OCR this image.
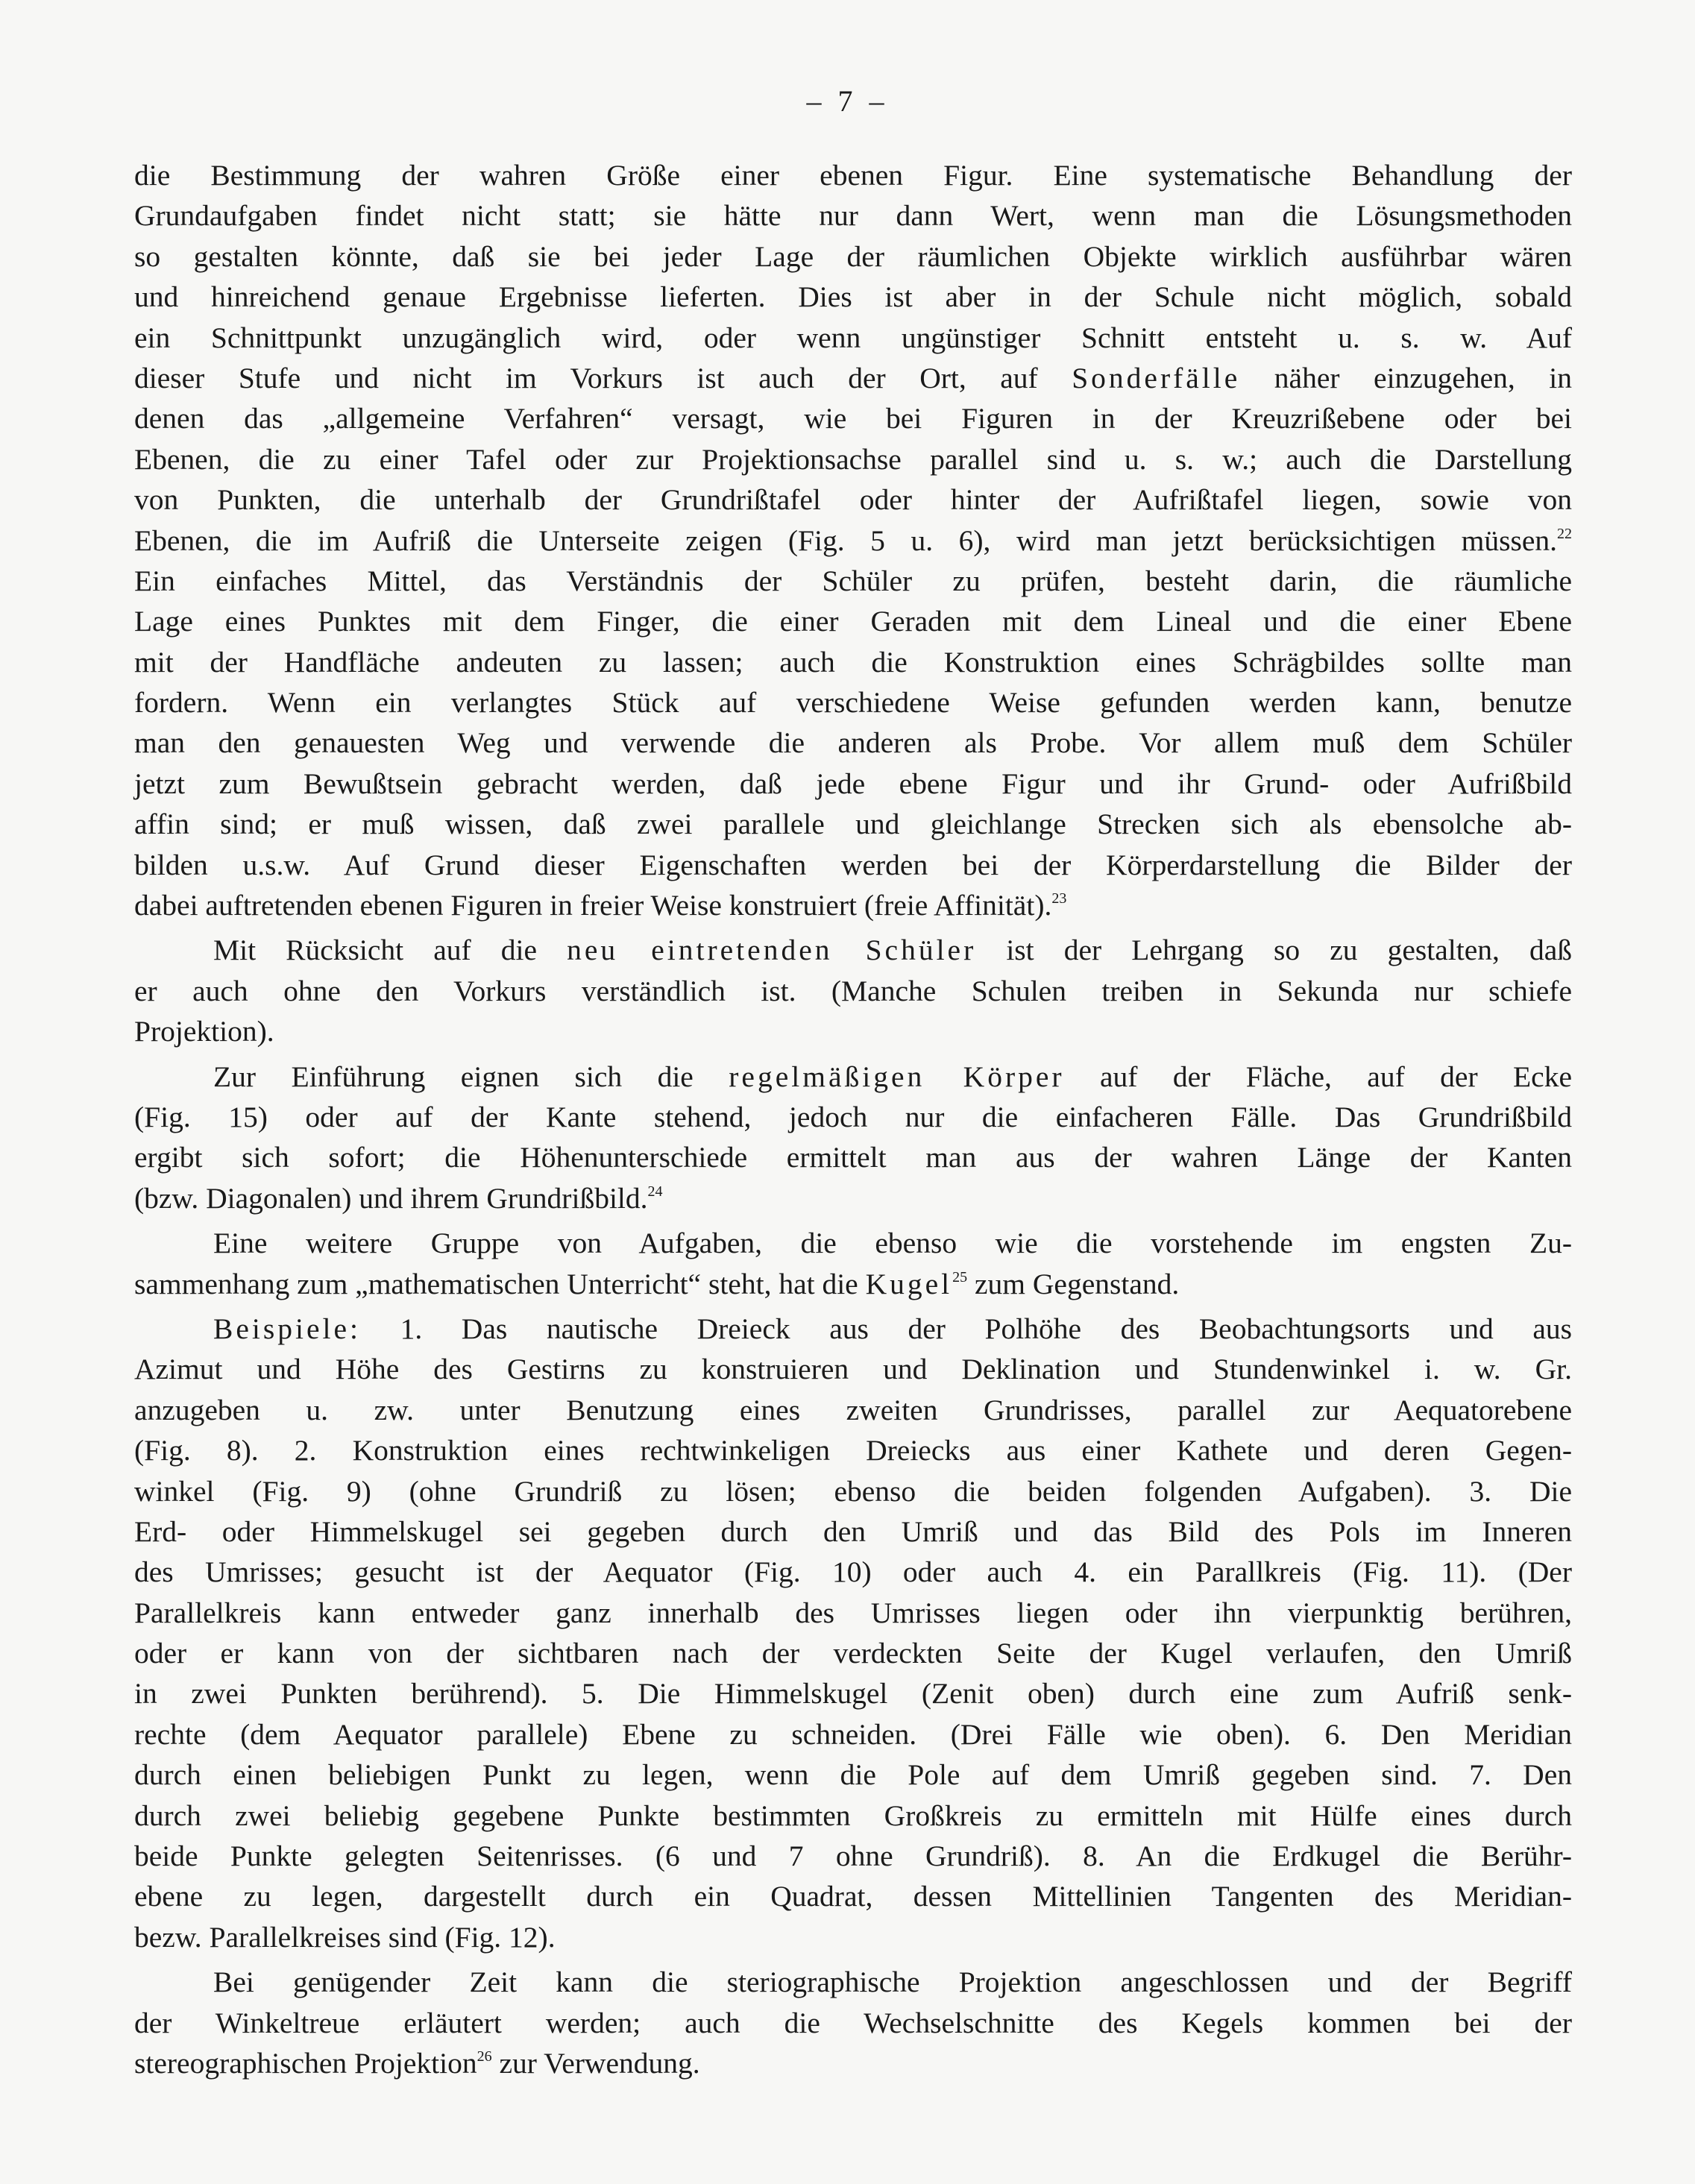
– 7 –
die Bestimmung der wahren Größe einer ebenen Figur. Eine systematische Behandlung der
Grundaufgaben findet nicht statt; sie hätte nur dann Wert, wenn man die Lösungsmethoden
so gestalten könnte, daß sie bei jeder Lage der räumlichen Objekte wirklich ausführbar wären
und hinreichend genaue Ergebnisse lieferten. Dies ist aber in der Schule nicht möglich, sobald
ein Schnittpunkt unzugänglich wird, oder wenn ungünstiger Schnitt entsteht u. s. w. Auf
dieser Stufe und nicht im Vorkurs ist auch der Ort, auf Sonderfälle näher einzugehen, in
denen das „allgemeine Verfahren“ versagt, wie bei Figuren in der Kreuzrißebene oder bei
Ebenen, die zu einer Tafel oder zur Projektionsachse parallel sind u. s. w.; auch die Darstellung
von Punkten, die unterhalb der Grundrißtafel oder hinter der Aufrißtafel liegen, sowie von
Ebenen, die im Aufriß die Unterseite zeigen (Fig. 5 u. 6), wird man jetzt berücksichtigen müssen.$^{22}$
Ein einfaches Mittel, das Verständnis der Schüler zu prüfen, besteht darin, die räumliche
Lage eines Punktes mit dem Finger, die einer Geraden mit dem Lineal und die einer Ebene
mit der Handfläche andeuten zu lassen; auch die Konstruktion eines Schrägbildes sollte man
fordern. Wenn ein verlangtes Stück auf verschiedene Weise gefunden werden kann, benutze
man den genauesten Weg und verwende die anderen als Probe. Vor allem muß dem Schüler
jetzt zum Bewußtsein gebracht werden, daß jede ebene Figur und ihr Grund- oder Aufrißbild
affin sind; er muß wissen, daß zwei parallele und gleichlange Strecken sich als ebensolche ab-
bilden u.s.w. Auf Grund dieser Eigenschaften werden bei der Körperdarstellung die Bilder der
dabei auftretenden ebenen Figuren in freier Weise konstruiert (freie Affinität).$^{23}$
Mit Rücksicht auf die neu eintretenden Schüler ist der Lehrgang so zu gestalten, daß
er auch ohne den Vorkurs verständlich ist. (Manche Schulen treiben in Sekunda nur schiefe
Projektion).
Zur Einführung eignen sich die regelmäßigen Körper auf der Fläche, auf der Ecke
(Fig. 15) oder auf der Kante stehend, jedoch nur die einfacheren Fälle. Das Grundrißbild
ergibt sich sofort; die Höhenunterschiede ermittelt man aus der wahren Länge der Kanten
(bzw. Diagonalen) und ihrem Grundrißbild.$^{24}$
Eine weitere Gruppe von Aufgaben, die ebenso wie die vorstehende im engsten Zu-
sammenhang zum „mathematischen Unterricht“ steht, hat die Kugel$^{25}$ zum Gegenstand.
Beispiele: 1. Das nautische Dreieck aus der Polhöhe des Beobachtungsorts und aus
Azimut und Höhe des Gestirns zu konstruieren und Deklination und Stundenwinkel i. w. Gr.
anzugeben u. zw. unter Benutzung eines zweiten Grundrisses, parallel zur Aequatorebene
(Fig. 8). 2. Konstruktion eines rechtwinkeligen Dreiecks aus einer Kathete und deren Gegen-
winkel (Fig. 9) (ohne Grundriß zu lösen; ebenso die beiden folgenden Aufgaben). 3. Die
Erd- oder Himmelskugel sei gegeben durch den Umriß und das Bild des Pols im Inneren
des Umrisses; gesucht ist der Aequator (Fig. 10) oder auch 4. ein Parallkreis (Fig. 11). (Der
Parallelkreis kann entweder ganz innerhalb des Umrisses liegen oder ihn vierpunktig berühren,
oder er kann von der sichtbaren nach der verdeckten Seite der Kugel verlaufen, den Umriß
in zwei Punkten berührend). 5. Die Himmelskugel (Zenit oben) durch eine zum Aufriß senk-
rechte (dem Aequator parallele) Ebene zu schneiden. (Drei Fälle wie oben). 6. Den Meridian
durch einen beliebigen Punkt zu legen, wenn die Pole auf dem Umriß gegeben sind. 7. Den
durch zwei beliebig gegebene Punkte bestimmten Großkreis zu ermitteln mit Hülfe eines durch
beide Punkte gelegten Seitenrisses. (6 und 7 ohne Grundriß). 8. An die Erdkugel die Berühr-
ebene zu legen, dargestellt durch ein Quadrat, dessen Mittellinien Tangenten des Meridian-
bezw. Parallelkreises sind (Fig. 12).
Bei genügender Zeit kann die steriographische Projektion angeschlossen und der Begriff
der Winkeltreue erläutert werden; auch die Wechselschnitte des Kegels kommen bei der
stereographischen Projektion$^{26}$ zur Verwendung.
